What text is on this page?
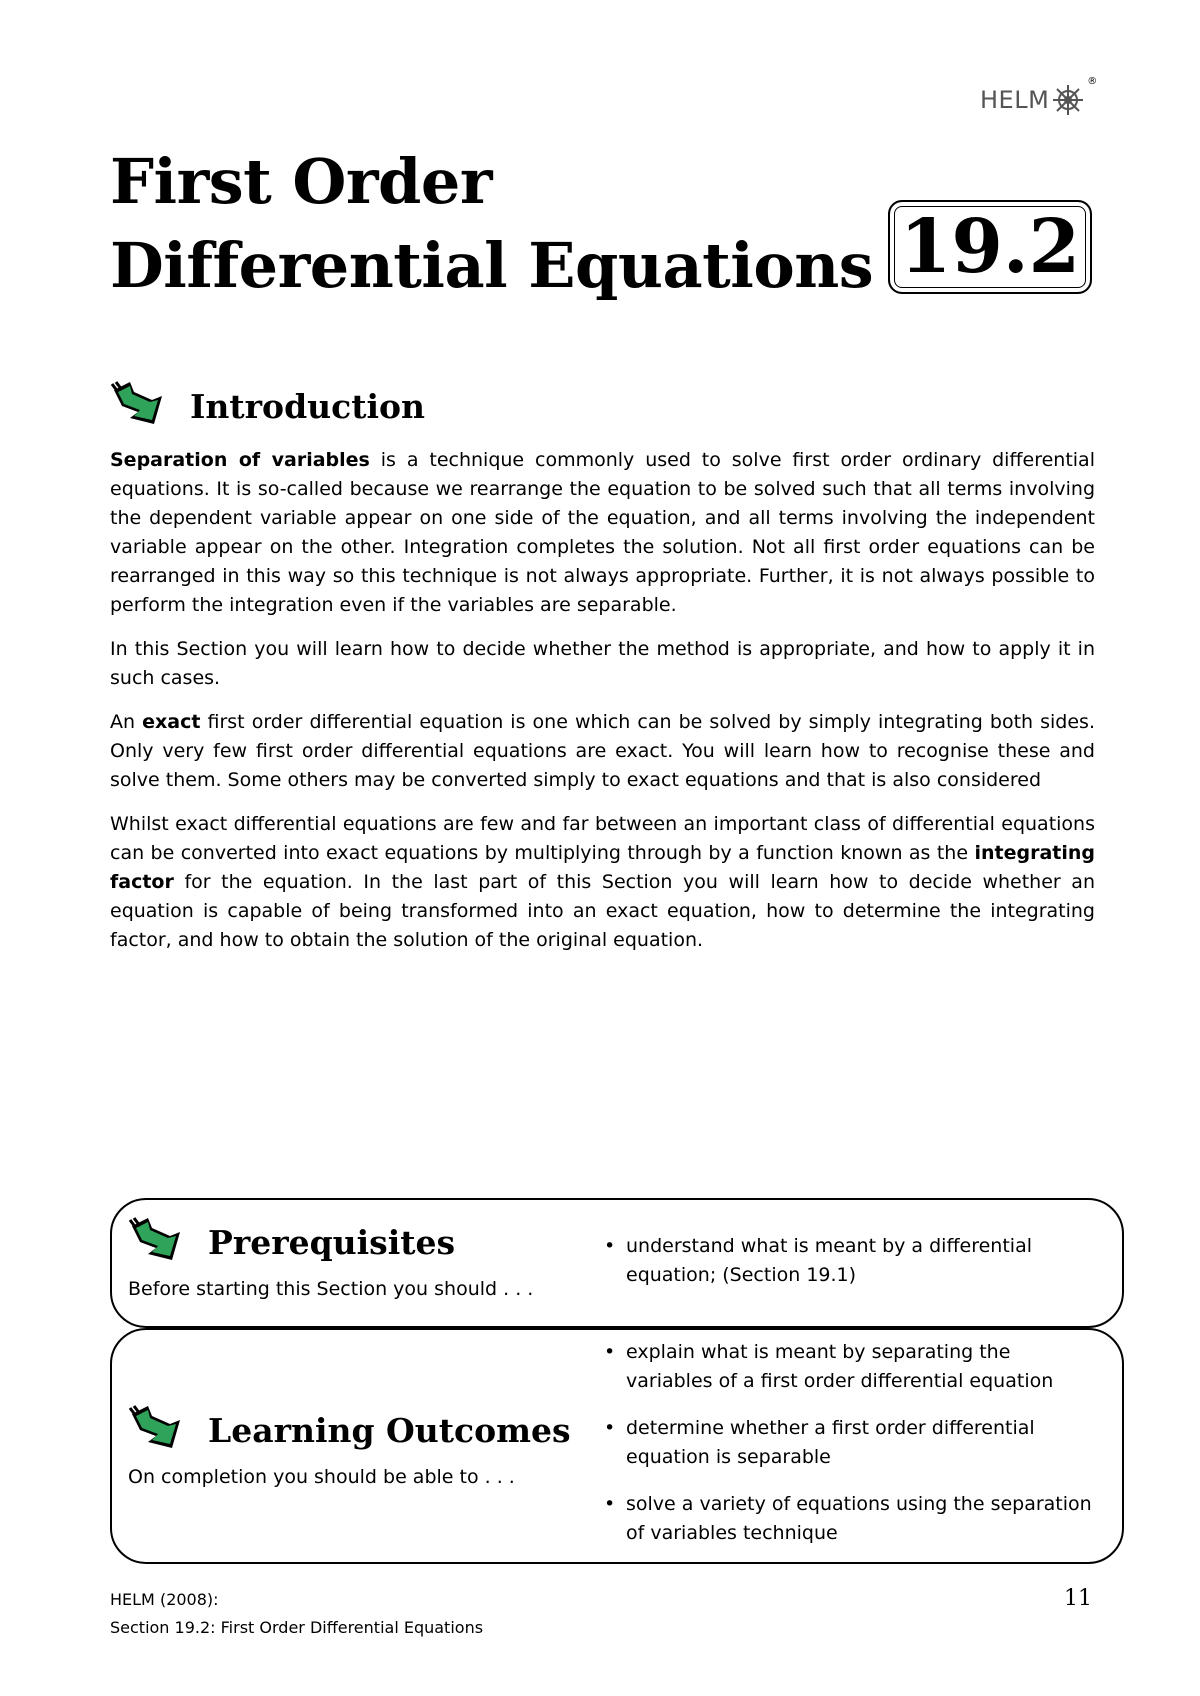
HELM
®
First Order
Differential Equations 19.2
Introduction

Separation of variables is a technique commonly used to solve first order ordinary differential equations. It is so-called because we rearrange the equation to be solved such that all terms involving the dependent variable appear on one side of the equation, and all terms involving the independent variable appear on the other. Integration completes the solution. Not all first order equations can be rearranged in this way so this technique is not always appropriate. Further, it is not always possible to perform the integration even if the variables are separable.

In this Section you will learn how to decide whether the method is appropriate, and how to apply it in such cases.

An exact first order differential equation is one which can be solved by simply integrating both sides. Only very few first order differential equations are exact. You will learn how to recognise these and solve them. Some others may be converted simply to exact equations and that is also considered

Whilst exact differential equations are few and far between an important class of differential equations can be converted into exact equations by multiplying through by a function known as the integrating factor for the equation. In the last part of this Section you will learn how to decide whether an equation is capable of being transformed into an exact equation, how to determine the integrating factor, and how to obtain the solution of the original equation.

Prerequisites
Before starting this Section you should . . .
• understand what is meant by a differential equation; (Section 19.1)
Learning Outcomes
On completion you should be able to . . .
• explain what is meant by separating the variables of a first order differential equation
• determine whether a first order differential equation is separable
• solve a variety of equations using the separation of variables technique
HELM (2008):
Section 19.2: First Order Differential Equations
11
